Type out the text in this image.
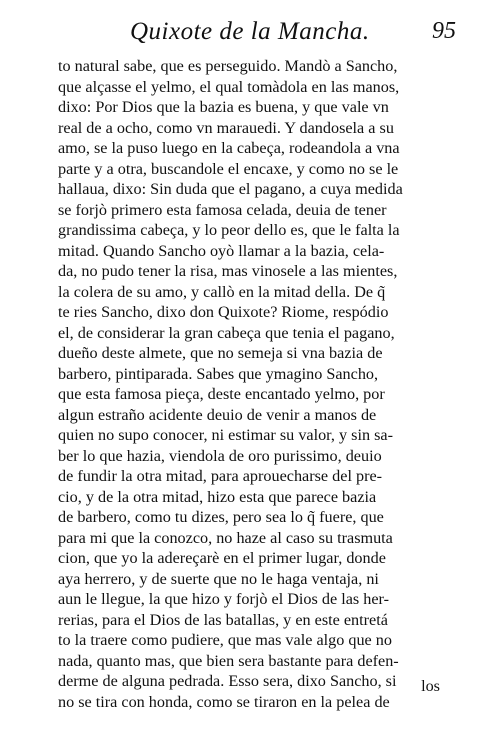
Quixote de la Mancha.	95
to natural sabe, que es perseguido. Mandò a Sancho,
que alçasse el yelmo, el qual tomàdola en las manos,
dixo: Por Dios que la bazia es buena, y que vale vn
real de a ocho, como vn marauedi. Y dandosela a su
amo, se la puso luego en la cabeça, rodeandola a vna
parte y a otra, buscandole el encaxe, y como no se le
hallaua, dixo: Sin duda que el pagano, a cuya medida
se forjò primero esta famosa celada, deuia de tener
grandissima cabeça, y lo peor dello es, que le falta la
mitad. Quando Sancho oyò llamar a la bazia, cela-
da, no pudo tener la risa, mas vinosele a las mientes,
la colera de su amo, y callò en la mitad della. De q̃
te ries Sancho, dixo don Quixote? Riome, respódio
el, de considerar la gran cabeça que tenia el pagano,
dueño deste almete, que no semeja si vna bazia de
barbero, pintiparada. Sabes que ymagino Sancho,
que esta famosa pieça, deste encantado yelmo, por
algun estraño acidente deuio de venir a manos de
quien no supo conocer, ni estimar su valor, y sin sa-
ber lo que hazia, viendola de oro purissimo, deuio
de fundir la otra mitad, para aprouecharse del pre-
cio, y de la otra mitad, hizo esta que parece bazia
de barbero, como tu dizes, pero sea lo q̃ fuere, que
para mi que la conozco, no haze al caso su trasmuta
cion, que yo la adereçarè en el primer lugar, donde
aya herrero, y de suerte que no le haga ventaja, ni
aun le llegue, la que hizo y forjò el Dios de las her-
rerias, para el Dios de las batallas, y en este entretá
to la traere como pudiere, que mas vale algo que no
nada, quanto mas, que bien sera bastante para defen-
derme de alguna pedrada. Esso sera, dixo Sancho, si
no se tira con honda, como se tiraron en la pelea de
los
